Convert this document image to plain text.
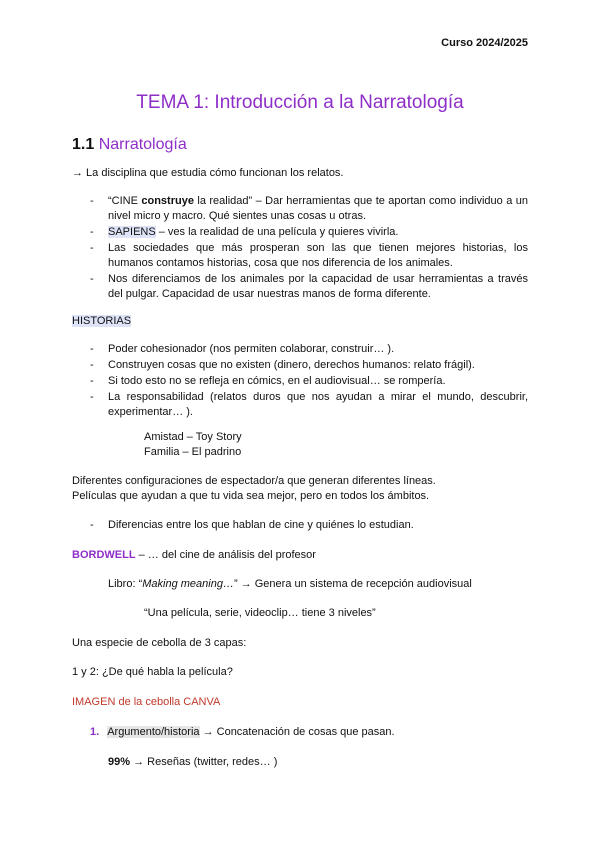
Curso 2024/2025
TEMA 1: Introducción a la Narratología
1.1 Narratología
→ La disciplina que estudia cómo funcionan los relatos.
- “CINE construye la realidad” – Dar herramientas que te aportan como individuo a un nivel micro y macro. Qué sientes unas cosas u otras.
- SAPIENS – ves la realidad de una película y quieres vivirla.
- Las sociedades que más prosperan son las que tienen mejores historias, los humanos contamos historias, cosa que nos diferencia de los animales.
- Nos diferenciamos de los animales por la capacidad de usar herramientas a través del pulgar. Capacidad de usar nuestras manos de forma diferente.
HISTORIAS
- Poder cohesionador (nos permiten colaborar, construir… ).
- Construyen cosas que no existen (dinero, derechos humanos: relato frágil).
- Si todo esto no se refleja en cómics, en el audiovisual… se rompería.
- La responsabilidad (relatos duros que nos ayudan a mirar el mundo, descubrir, experimentar… ).
Amistad – Toy Story
Familia – El padrino
Diferentes configuraciones de espectador/a que generan diferentes líneas.
Películas que ayudan a que tu vida sea mejor, pero en todos los ámbitos.
- Diferencias entre los que hablan de cine y quiénes lo estudian.
BORDWELL – … del cine de análisis del profesor
Libro: “Making meaning…” → Genera un sistema de recepción audiovisual
“Una película, serie, videoclip… tiene 3 niveles”
Una especie de cebolla de 3 capas:
1 y 2: ¿De qué habla la película?
IMAGEN de la cebolla CANVA
1. Argumento/historia → Concatenación de cosas que pasan.
99% → Reseñas (twitter, redes… )
